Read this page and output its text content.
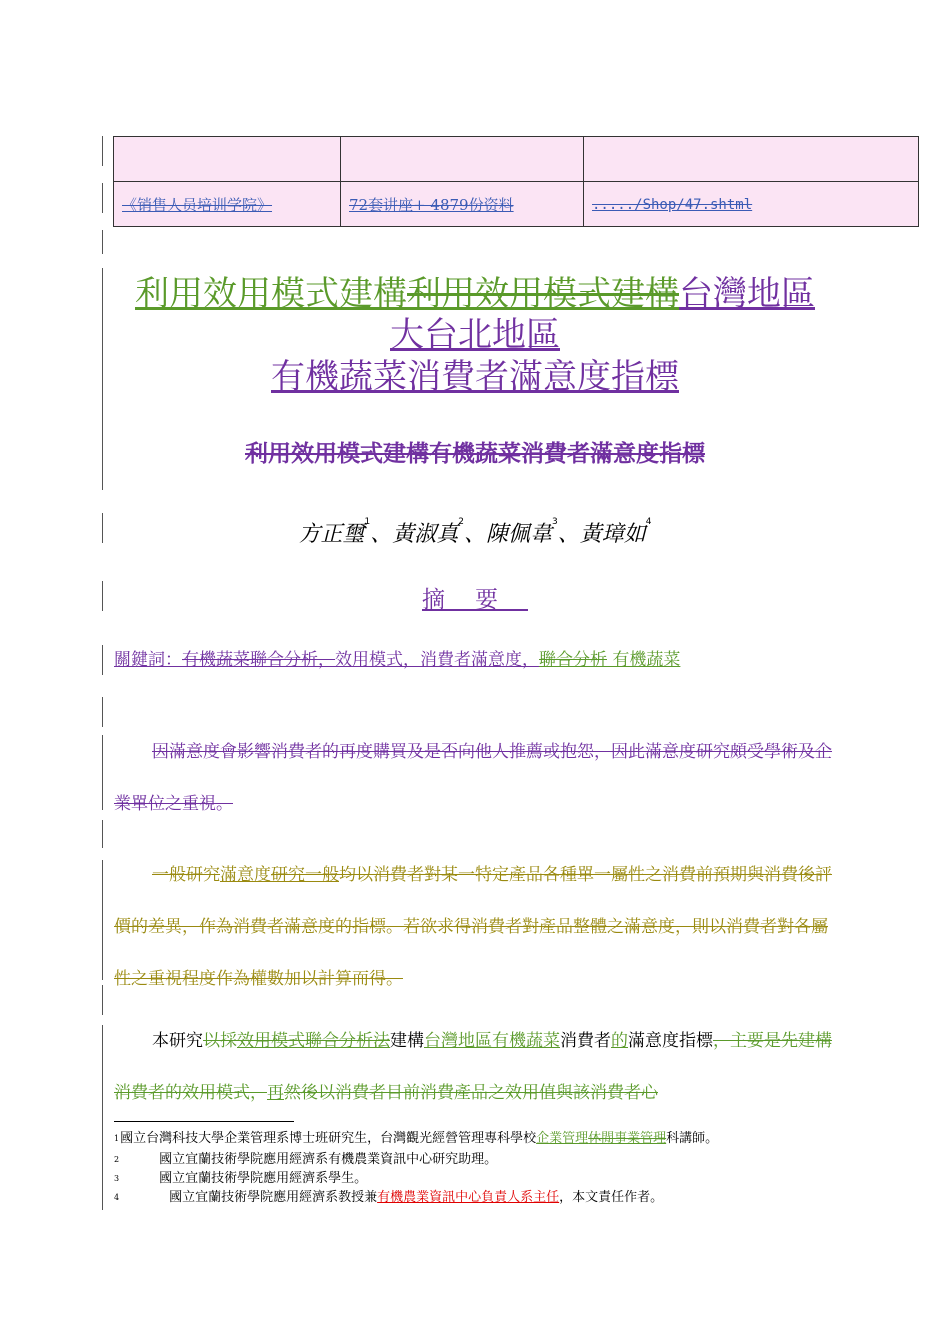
《销售人员培训学院》	72套讲座+ 4879份资料	...../Shop/47.shtml
利用效用模式建構利用效用模式建構台灣地區
大台北地區
有機蔬菜消費者滿意度指標
利用效用模式建構有機蔬菜消費者滿意度指標
方正璽$^1$、黃淑真$^2$、陳佩韋$^3$、黃璋如$^4$
摘要
關鍵詞：有機蔬菜聯合分析，效用模式，消費者滿意度，聯合分析 有機蔬菜
因滿意度會影響消費者的再度購買及是否向他人推薦或抱怨，因此滿意度研究頗受學術及企業單位之重視。
一般研究滿意度研究一般均以消費者對某一特定產品各種單一屬性之消費前預期與消費後評價的差異，作為消費者滿意度的指標。若欲求得消費者對產品整體之滿意度，則以消費者對各屬性之重視程度作為權數加以計算而得。
本研究以採效用模式聯合分析法建構台灣地區有機蔬菜消費者的滿意度指標，主要是先建構消費者的效用模式，再然後以消費者目前消費產品之效用值與該消費者心
$^1$國立台灣科技大學企業管理系博士班研究生，台灣觀光經營管理專科學校企業管理休閒事業管理科講師。
$^2$	國立宜蘭技術學院應用經濟系有機農業資訊中心研究助理。
$^3$	國立宜蘭技術學院應用經濟系學生。
$^4$	國立宜蘭技術學院應用經濟系教授兼有機農業資訊中心負責人系主任，本文責任作者。
